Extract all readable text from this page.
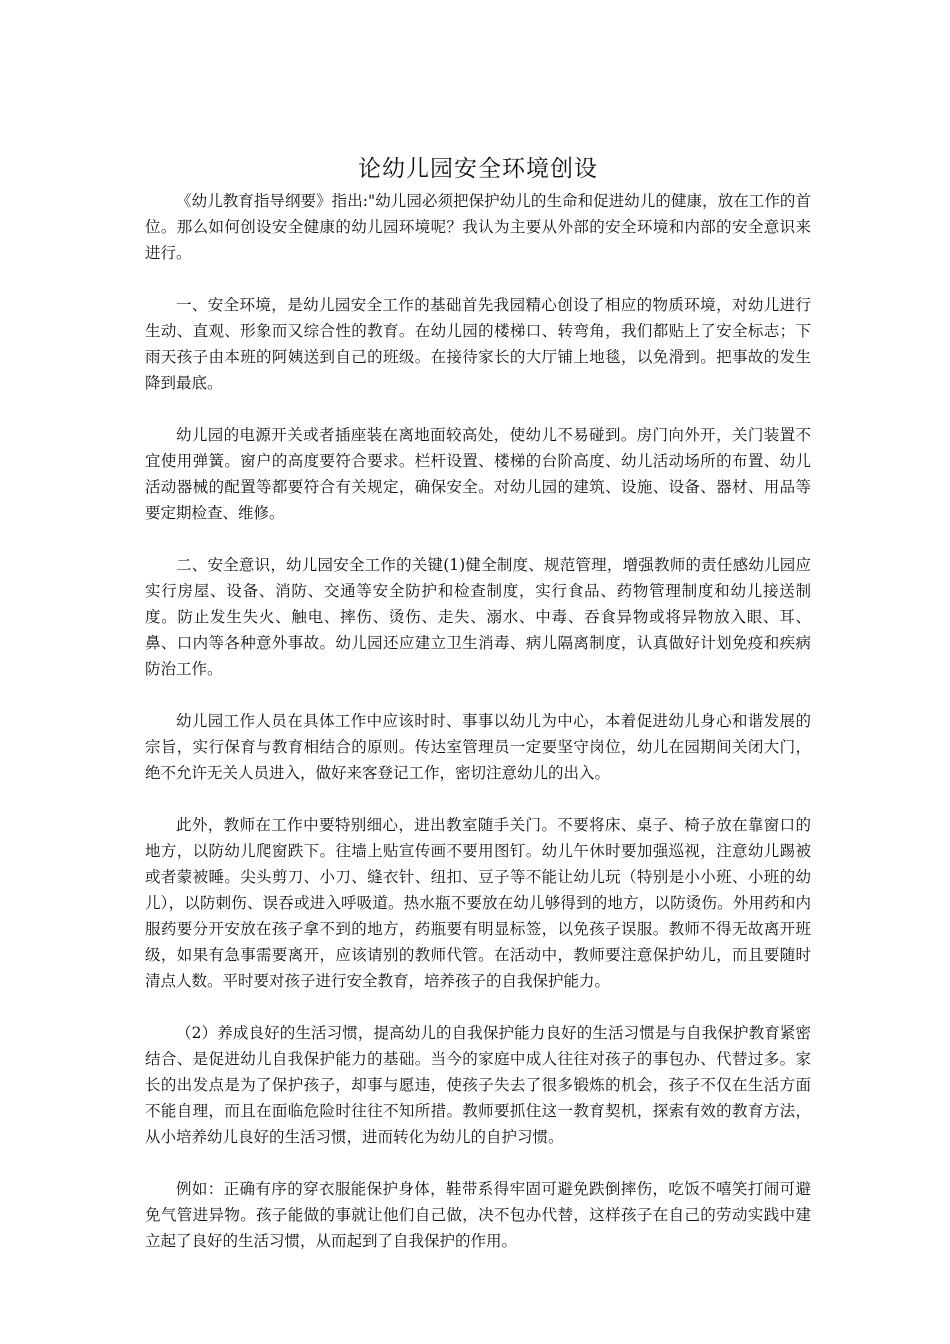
论幼儿园安全环境创设

《幼儿教育指导纲要》指出:"幼儿园必须把保护幼儿的生命和促进幼儿的健康，放在工作的首位。那么如何创设安全健康的幼儿园环境呢？我认为主要从外部的安全环境和内部的安全意识来进行。

一、安全环境，是幼儿园安全工作的基础首先我园精心创设了相应的物质环境，对幼儿进行生动、直观、形象而又综合性的教育。在幼儿园的楼梯口、转弯角，我们都贴上了安全标志；下雨天孩子由本班的阿姨送到自己的班级。在接待家长的大厅铺上地毯，以免滑到。把事故的发生降到最底。

幼儿园的电源开关或者插座装在离地面较高处，使幼儿不易碰到。房门向外开，关门装置不宜使用弹簧。窗户的高度要符合要求。栏杆设置、楼梯的台阶高度、幼儿活动场所的布置、幼儿活动器械的配置等都要符合有关规定，确保安全。对幼儿园的建筑、设施、设备、器材、用品等要定期检查、维修。

二、安全意识，幼儿园安全工作的关键(1)健全制度、规范管理，增强教师的责任感幼儿园应实行房屋、设备、消防、交通等安全防护和检查制度，实行食品、药物管理制度和幼儿接送制度。防止发生失火、触电、摔伤、烫伤、走失、溺水、中毒、吞食异物或将异物放入眼、耳、鼻、口内等各种意外事故。幼儿园还应建立卫生消毒、病儿隔离制度，认真做好计划免疫和疾病防治工作。

幼儿园工作人员在具体工作中应该时时、事事以幼儿为中心，本着促进幼儿身心和谐发展的宗旨，实行保育与教育相结合的原则。传达室管理员一定要坚守岗位，幼儿在园期间关闭大门，绝不允许无关人员进入，做好来客登记工作，密切注意幼儿的出入。

此外，教师在工作中要特别细心，进出教室随手关门。不要将床、桌子、椅子放在靠窗口的地方，以防幼儿爬窗跌下。往墙上贴宣传画不要用图钉。幼儿午休时要加强巡视，注意幼儿踢被或者蒙被睡。尖头剪刀、小刀、缝衣针、纽扣、豆子等不能让幼儿玩（特别是小小班、小班的幼儿），以防刺伤、误吞或进入呼吸道。热水瓶不要放在幼儿够得到的地方，以防烫伤。外用药和内服药要分开安放在孩子拿不到的地方，药瓶要有明显标签，以免孩子误服。教师不得无故离开班级，如果有急事需要离开，应该请别的教师代管。在活动中，教师要注意保护幼儿，而且要随时清点人数。平时要对孩子进行安全教育，培养孩子的自我保护能力。

（2）养成良好的生活习惯，提高幼儿的自我保护能力良好的生活习惯是与自我保护教育紧密结合、是促进幼儿自我保护能力的基础。当今的家庭中成人往往对孩子的事包办、代替过多。家长的出发点是为了保护孩子，却事与愿违，使孩子失去了很多锻炼的机会，孩子不仅在生活方面不能自理，而且在面临危险时往往不知所措。教师要抓住这一教育契机，探索有效的教育方法，从小培养幼儿良好的生活习惯，进而转化为幼儿的自护习惯。

例如：正确有序的穿衣服能保护身体，鞋带系得牢固可避免跌倒摔伤，吃饭不嘻笑打闹可避免气管进异物。孩子能做的事就让他们自己做，决不包办代替，这样孩子在自己的劳动实践中建立起了良好的生活习惯，从而起到了自我保护的作用。
